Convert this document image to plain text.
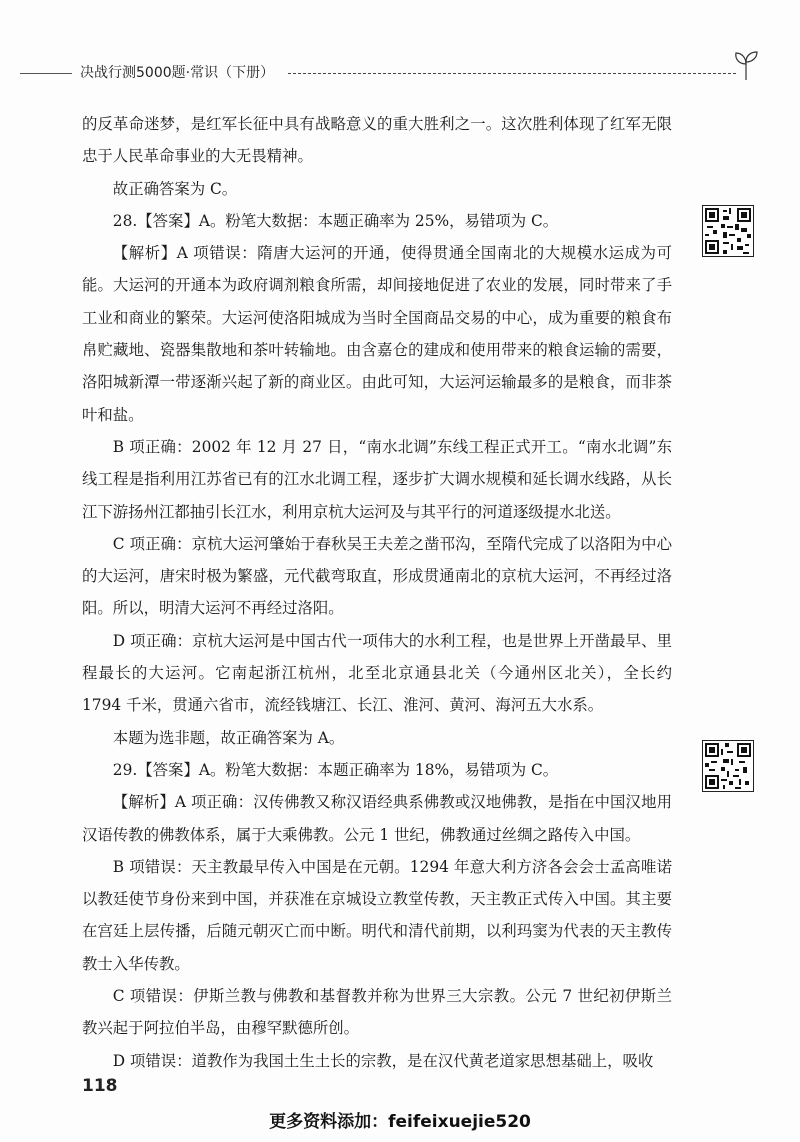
决战行测5000题·常识（下册）

的反革命迷梦，是红军长征中具有战略意义的重大胜利之一。这次胜利体现了红军无限忠于人民革命事业的大无畏精神。

故正确答案为 C。

28.【答案】A。粉笔大数据：本题正确率为 25%，易错项为 C。

【解析】A 项错误：隋唐大运河的开通，使得贯通全国南北的大规模水运成为可能。大运河的开通本为政府调剂粮食所需，却间接地促进了农业的发展，同时带来了手工业和商业的繁荣。大运河使洛阳城成为当时全国商品交易的中心，成为重要的粮食布帛贮藏地、瓷器集散地和茶叶转输地。由含嘉仓的建成和使用带来的粮食运输的需要，洛阳城新潭一带逐渐兴起了新的商业区。由此可知，大运河运输最多的是粮食，而非茶叶和盐。

B 项正确：2002 年 12 月 27 日，“南水北调”东线工程正式开工。“南水北调”东线工程是指利用江苏省已有的江水北调工程，逐步扩大调水规模和延长调水线路，从长江下游扬州江都抽引长江水，利用京杭大运河及与其平行的河道逐级提水北送。

C 项正确：京杭大运河肇始于春秋吴王夫差之凿邗沟，至隋代完成了以洛阳为中心的大运河，唐宋时极为繁盛，元代截弯取直，形成贯通南北的京杭大运河，不再经过洛阳。所以，明清大运河不再经过洛阳。

D 项正确：京杭大运河是中国古代一项伟大的水利工程，也是世界上开凿最早、里程最长的大运河。它南起浙江杭州，北至北京通县北关（今通州区北关），全长约 1794 千米，贯通六省市，流经钱塘江、长江、淮河、黄河、海河五大水系。

本题为选非题，故正确答案为 A。

29.【答案】A。粉笔大数据：本题正确率为 18%，易错项为 C。

【解析】A 项正确：汉传佛教又称汉语经典系佛教或汉地佛教，是指在中国汉地用汉语传教的佛教体系，属于大乘佛教。公元 1 世纪，佛教通过丝绸之路传入中国。

B 项错误：天主教最早传入中国是在元朝。1294 年意大利方济各会会士孟高唯诺以教廷使节身份来到中国，并获准在京城设立教堂传教，天主教正式传入中国。其主要在宫廷上层传播，后随元朝灭亡而中断。明代和清代前期，以利玛窦为代表的天主教传教士入华传教。

C 项错误：伊斯兰教与佛教和基督教并称为世界三大宗教。公元 7 世纪初伊斯兰教兴起于阿拉伯半岛，由穆罕默德所创。

D 项错误：道教作为我国土生土长的宗教，是在汉代黄老道家思想基础上，吸收

118
更多资料添加：feifeixuejie520
